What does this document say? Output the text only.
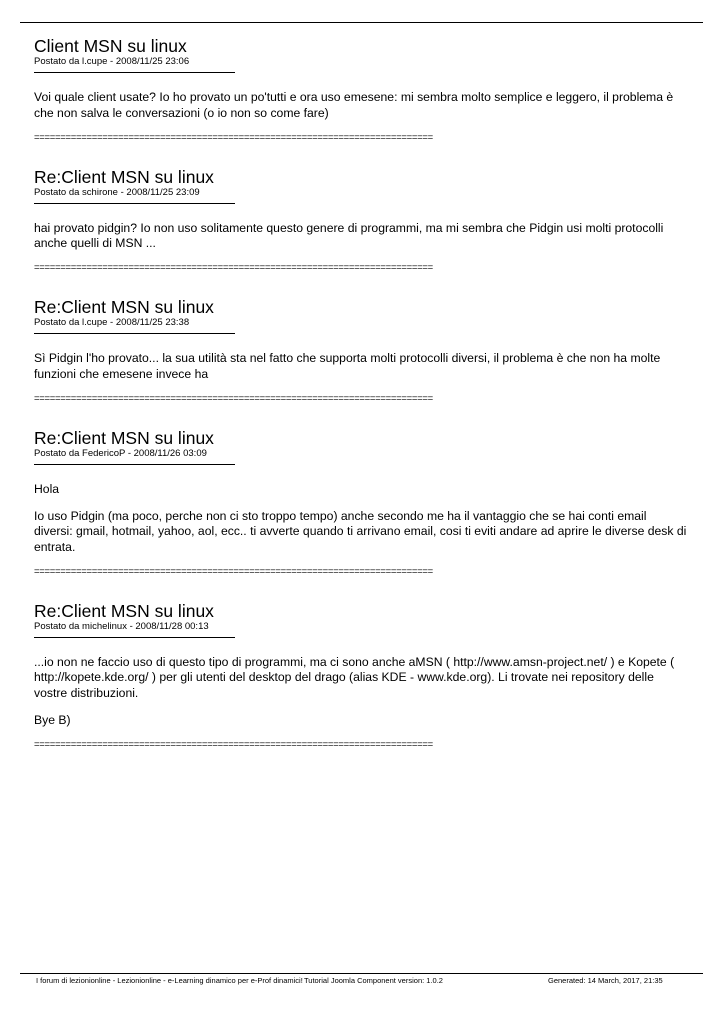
Client MSN su linux
Postato da l.cupe - 2008/11/25 23:06

Voi quale client usate? Io ho provato un po'tutti e ora uso emesene: mi sembra molto semplice e leggero, il problema è che non salva le conversazioni (o io non so come fare)

============================================================================
Re:Client MSN su linux
Postato da schirone - 2008/11/25 23:09

hai provato pidgin? Io non uso solitamente questo genere di programmi, ma mi sembra che Pidgin usi molti protocolli anche quelli di MSN ...

============================================================================
Re:Client MSN su linux
Postato da l.cupe - 2008/11/25 23:38

Sì Pidgin l'ho provato... la sua utilità sta nel fatto che supporta molti protocolli diversi, il problema è che non ha molte funzioni che emesene invece ha

============================================================================
Re:Client MSN su linux
Postato da FedericoP - 2008/11/26 03:09

Hola

Io uso Pidgin (ma poco, perche non ci sto troppo tempo) anche secondo me ha il vantaggio che se hai conti email diversi: gmail, hotmail, yahoo, aol, ecc.. ti avverte quando ti arrivano email, cosi ti eviti andare ad aprire le diverse desk di entrata.

============================================================================
Re:Client MSN su linux
Postato da michelinux - 2008/11/28 00:13

...io non ne faccio uso di questo tipo di programmi, ma ci sono anche aMSN ( http://www.amsn-project.net/ ) e Kopete ( http://kopete.kde.org/ ) per gli utenti del desktop del drago (alias KDE - www.kde.org). Li trovate nei repository delle vostre distribuzioni.

Bye B)

============================================================================
I forum di lezionionline - Lezionionline - e-Learning dinamico per e-Prof dinamici! Tutorial Joomla Component version: 1.0.2	Generated: 14 March, 2017, 21:35
